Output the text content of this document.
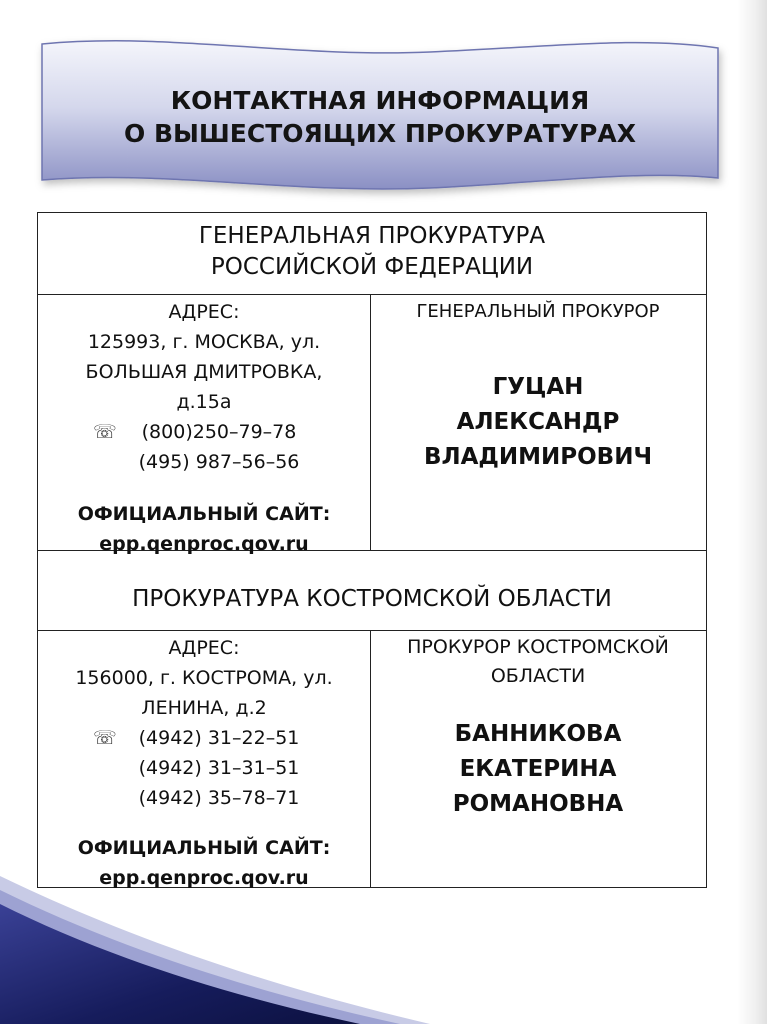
КОНТАКТНАЯ ИНФОРМАЦИЯ
О ВЫШЕСТОЯЩИХ ПРОКУРАТУРАХ
ГЕНЕРАЛЬНАЯ ПРОКУРАТУРА
РОССИЙСКОЙ ФЕДЕРАЦИИ
АДРЕС:
125993, г. МОСКВА, ул.
БОЛЬШАЯ ДМИТРОВКА,
д.15а
☏ (800)250–79–78
(495) 987–56–56
ОФИЦИАЛЬНЫЙ САЙТ:
epp.qenproc.qov.ru
ГЕНЕРАЛЬНЫЙ ПРОКУРОР
ГУЦАН
АЛЕКСАНДР
ВЛАДИМИРОВИЧ
ПРОКУРАТУРА КОСТРОМСКОЙ ОБЛАСТИ
АДРЕС:
156000, г. КОСТРОМА, ул.
ЛЕНИНА, д.2
☏ (4942) 31–22–51
(4942) 31–31–51
(4942) 35–78–71
ОФИЦИАЛЬНЫЙ САЙТ:
epp.qenproc.qov.ru
ПРОКУРОР КОСТРОМСКОЙ
ОБЛАСТИ
БАННИКОВА
ЕКАТЕРИНА
РОМАНОВНА
